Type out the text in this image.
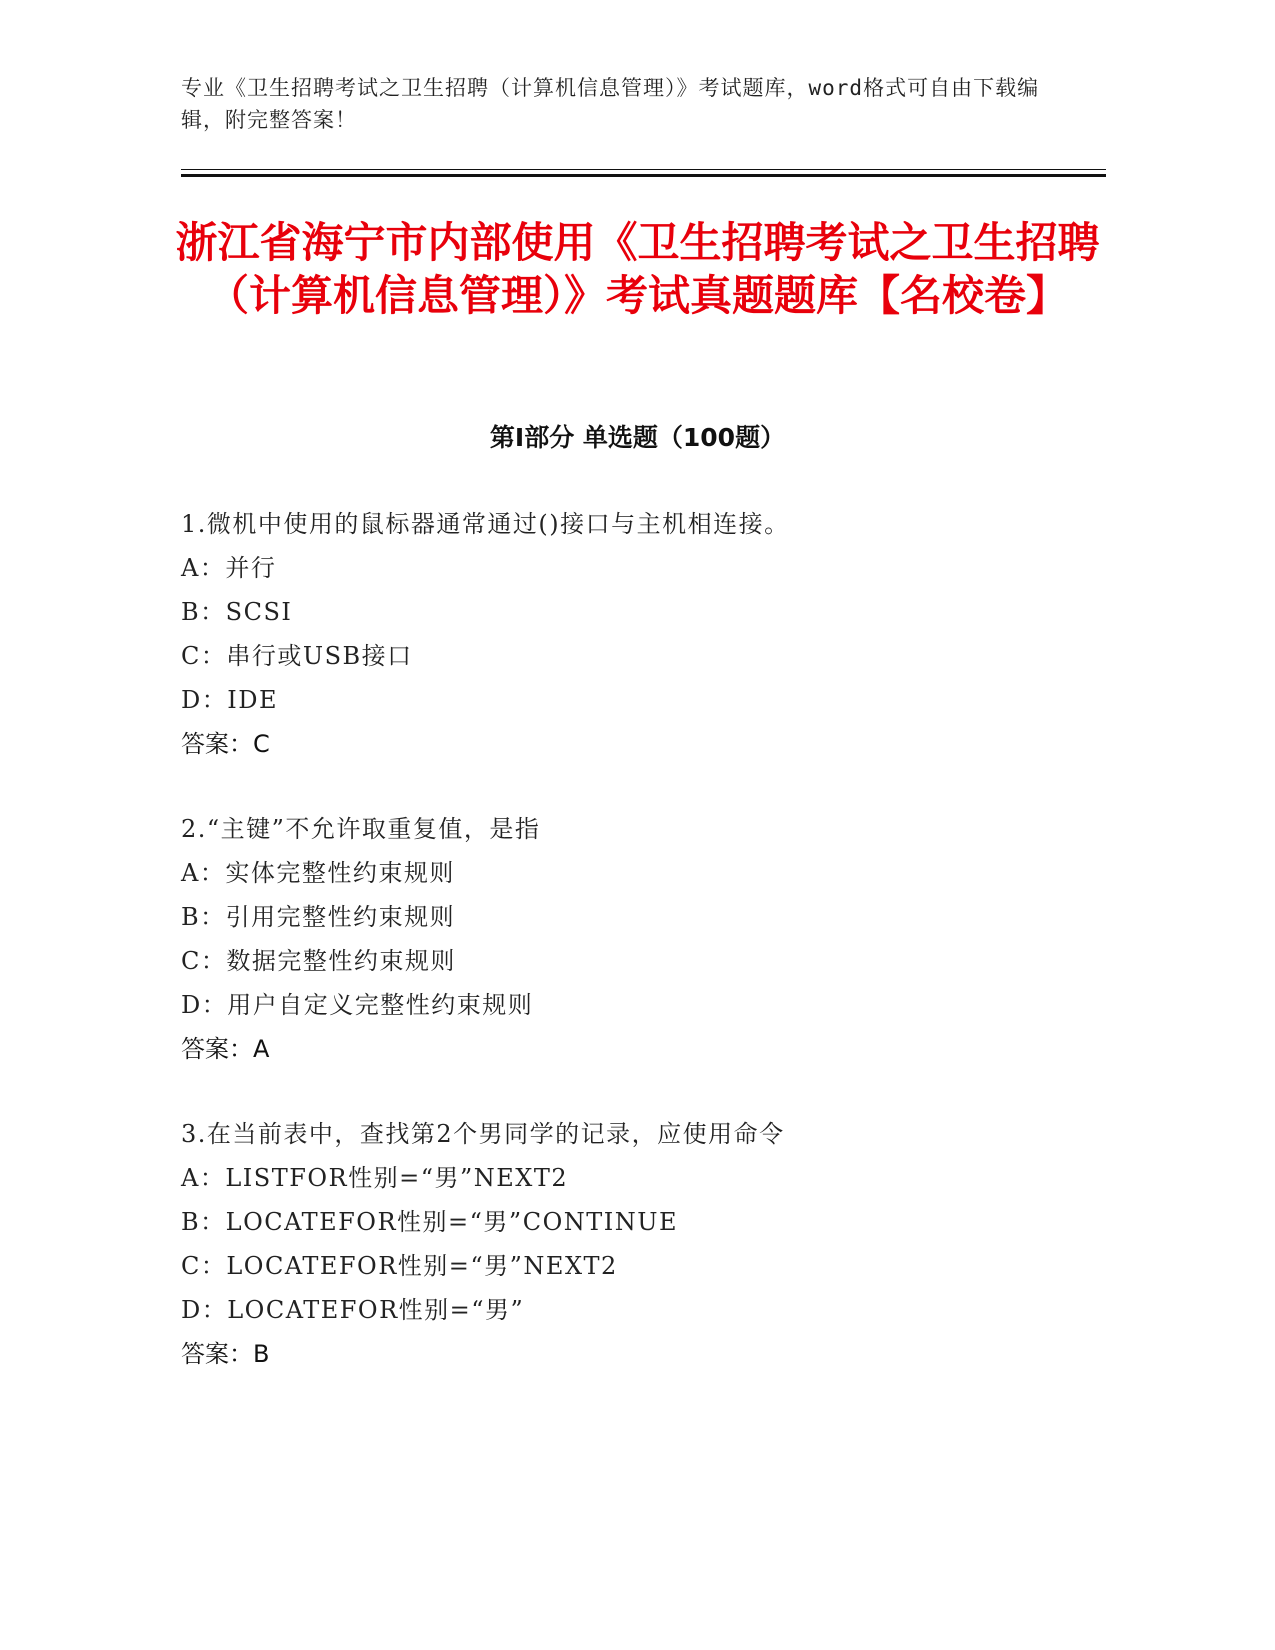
专业《卫生招聘考试之卫生招聘（计算机信息管理）》考试题库，word格式可自由下载编辑，附完整答案！
浙江省海宁市内部使用《卫生招聘考试之卫生招聘（计算机信息管理）》考试真题题库【名校卷】
第I部分 单选题（100题）
1.微机中使用的鼠标器通常通过()接口与主机相连接。
A：并行
B：SCSI
C：串行或USB接口
D：IDE
答案：C
2.“主键”不允许取重复值，是指
A：实体完整性约束规则
B：引用完整性约束规则
C：数据完整性约束规则
D：用户自定义完整性约束规则
答案：A
3.在当前表中，查找第2个男同学的记录，应使用命令
A：LISTFOR性别=“男”NEXT2
B：LOCATEFOR性别=“男”CONTINUE
C：LOCATEFOR性别=“男”NEXT2
D：LOCATEFOR性别=“男”
答案：B
